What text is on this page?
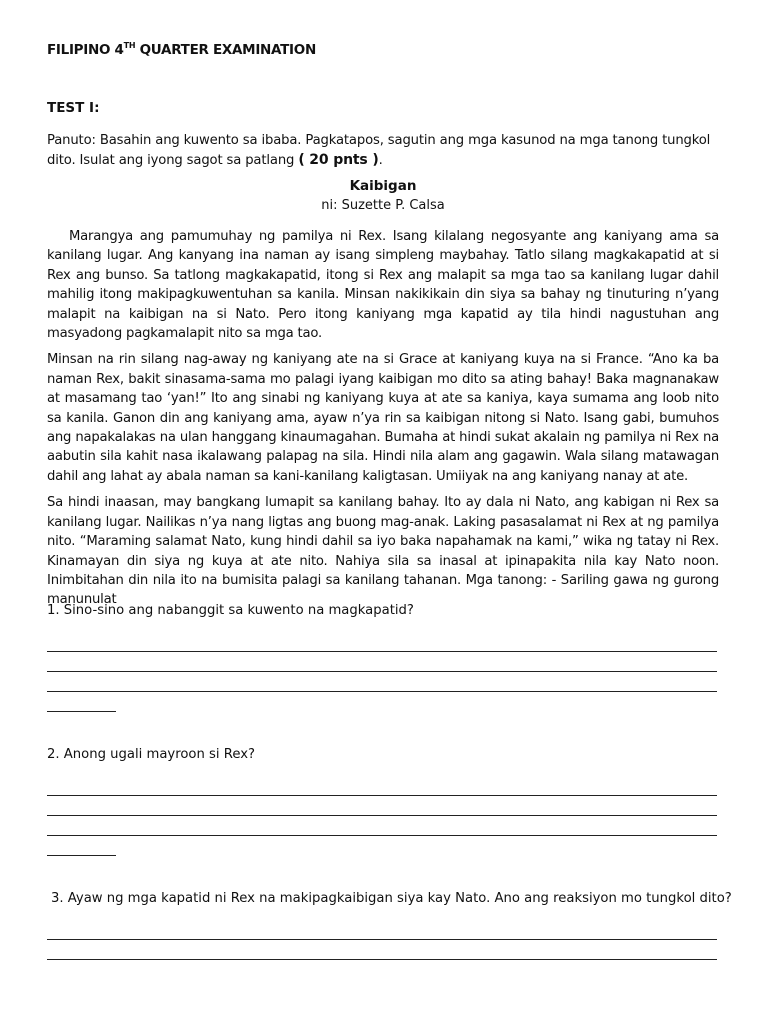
FILIPINO 4TH QUARTER EXAMINATION
TEST I:
Panuto: Basahin ang kuwento sa ibaba. Pagkatapos, sagutin ang mga kasunod na mga tanong tungkol dito. Isulat ang iyong sagot sa patlang ( 20 pnts ).
Kaibigan
ni: Suzette P. Calsa

Marangya ang pamumuhay ng pamilya ni Rex. Isang kilalang negosyante ang kaniyang ama sa kanilang lugar. Ang kanyang ina naman ay isang simpleng maybahay. Tatlo silang magkakapatid at si Rex ang bunso. Sa tatlong magkakapatid, itong si Rex ang malapit sa mga tao sa kanilang lugar dahil mahilig itong makipagkuwentuhan sa kanila. Minsan nakikikain din siya sa bahay ng tinuturing n’yang malapit na kaibigan na si Nato. Pero itong kaniyang mga kapatid ay tila hindi nagustuhan ang masyadong pagkamalapit nito sa mga tao.

Minsan na rin silang nag-away ng kaniyang ate na si Grace at kaniyang kuya na si France. “Ano ka ba naman Rex, bakit sinasama-sama mo palagi iyang kaibigan mo dito sa ating bahay! Baka magnanakaw at masamang tao ‘yan!” Ito ang sinabi ng kaniyang kuya at ate sa kaniya, kaya sumama ang loob nito sa kanila. Ganon din ang kaniyang ama, ayaw n’ya rin sa kaibigan nitong si Nato. Isang gabi, bumuhos ang napakalakas na ulan hanggang kinaumagahan. Bumaha at hindi sukat akalain ng pamilya ni Rex na aabutin sila kahit nasa ikalawang palapag na sila. Hindi nila alam ang gagawin. Wala silang matawagan dahil ang lahat ay abala naman sa kani-kanilang kaligtasan. Umiiyak na ang kaniyang nanay at ate.

Sa hindi inaasan, may bangkang lumapit sa kanilang bahay. Ito ay dala ni Nato, ang kabigan ni Rex sa kanilang lugar. Nailikas n’ya nang ligtas ang buong mag-anak. Laking pasasalamat ni Rex at ng pamilya nito. “Maraming salamat Nato, kung hindi dahil sa iyo baka napahamak na kami,” wika ng tatay ni Rex. Kinamayan din siya ng kuya at ate nito. Nahiya sila sa inasal at ipinapakita nila kay Nato noon. Inimbitahan din nila ito na bumisita palagi sa kanilang tahanan. Mga tanong: - Sariling gawa ng gurong manunulat

1. Sino-sino ang nabanggit sa kuwento na magkapatid?
2. Anong ugali mayroon si Rex?
3. Ayaw ng mga kapatid ni Rex na makipagkaibigan siya kay Nato. Ano ang reaksiyon mo tungkol dito?
